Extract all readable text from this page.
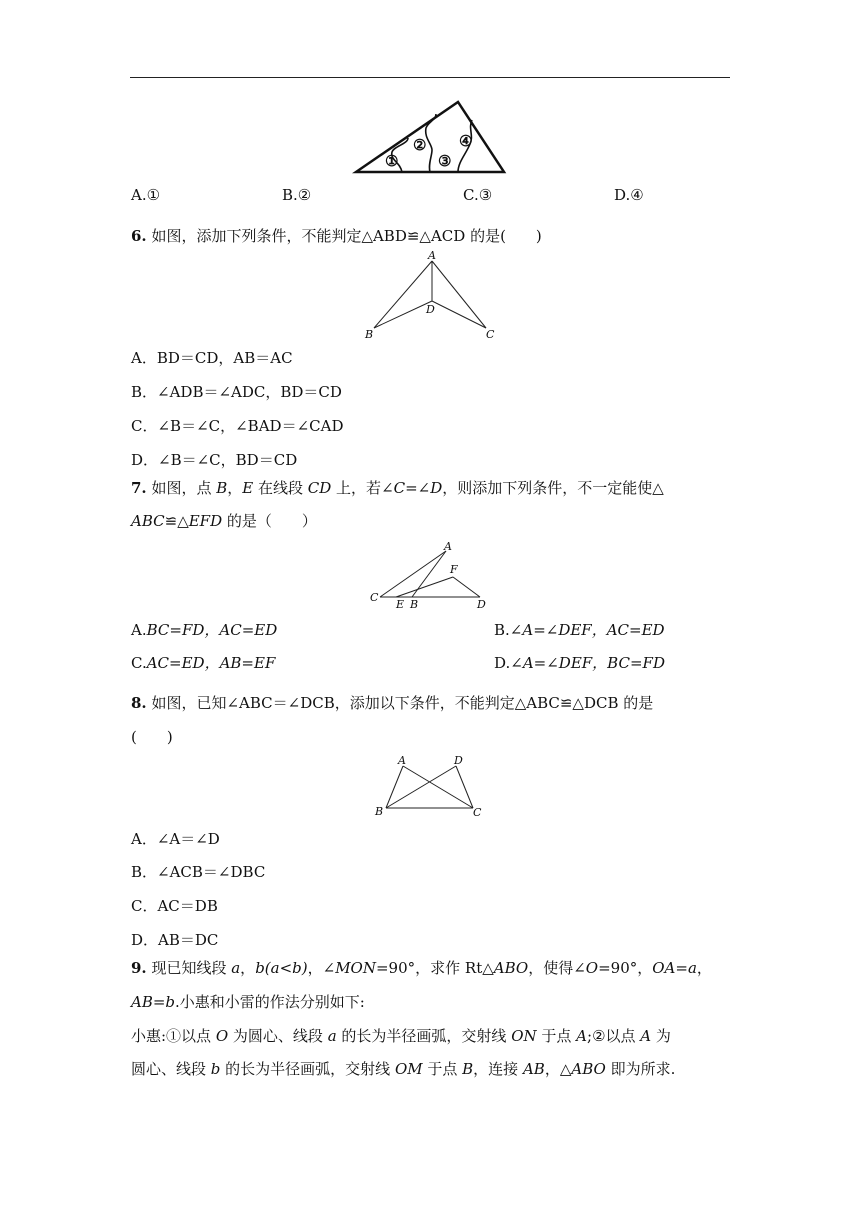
①
②
③
④
A.①	B.②	C.③	D.④
6. 如图，添加下列条件，不能判定△ABD≌△ACD 的是(　　)
A
D
B	C
A．BD＝CD，AB＝AC
B．∠ADB＝∠ADC，BD＝CD
C．∠B＝∠C，∠BAD＝∠CAD
D．∠B＝∠C，BD＝CD
7. 如图，点 B，E 在线段 CD 上，若∠C=∠D，则添加下列条件，不一定能使△
ABC≌△EFD 的是（　　）
A
F
C
E B	D
A.BC=FD，AC=ED	B.∠A=∠DEF，AC=ED
C.AC=ED，AB=EF	D.∠A=∠DEF，BC=FD
8. 如图，已知∠ABC＝∠DCB，添加以下条件，不能判定△ABC≌△DCB 的是
(　　)
A	D
B	C
A．∠A＝∠D
B．∠ACB＝∠DBC
C．AC＝DB
D．AB＝DC
9. 现已知线段 a，b(a<b)，∠MON=90°，求作 Rt△ABO，使得∠O=90°，OA=a，
AB=b.小惠和小雷的作法分别如下:
小惠:①以点 O 为圆心、线段 a 的长为半径画弧，交射线 ON 于点 A;②以点 A 为
圆心、线段 b 的长为半径画弧，交射线 OM 于点 B，连接 AB，△ABO 即为所求.
